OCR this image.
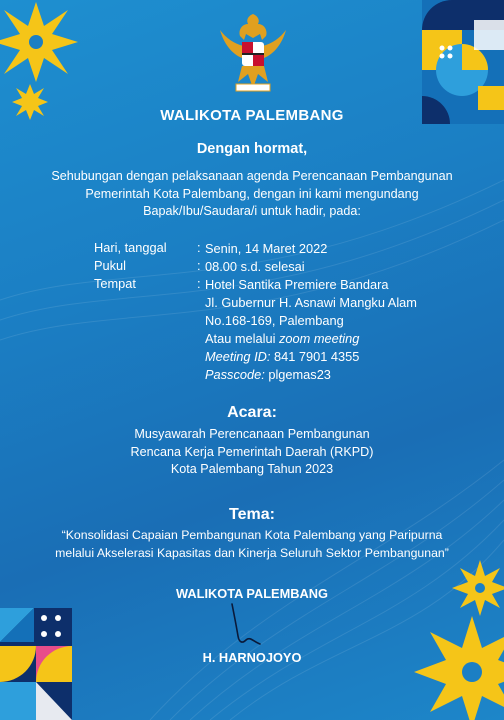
WALIKOTA PALEMBANG
Dengan hormat,
Sehubungan dengan pelaksanaan agenda Perencanaan Pembangunan
Pemerintah Kota Palembang, dengan ini kami mengundang
Bapak/Ibu/Saudara/i untuk hadir, pada:
Hari, tanggal : Senin, 14 Maret 2022
Pukul	: 08.00 s.d. selesai
Tempat	: Hotel Santika Premiere Bandara
Jl. Gubernur H. Asnawi Mangku Alam
No.168-169, Palembang
Atau melalui zoom meeting
Meeting ID: 841 7901 4355
Passcode: plgemas23
Acara:
Musyawarah Perencanaan Pembangunan
Rencana Kerja Pemerintah Daerah (RKPD)
Kota Palembang Tahun 2023
Tema:
“Konsolidasi Capaian Pembangunan Kota Palembang yang Paripurna
melalui Akselerasi Kapasitas dan Kinerja Seluruh Sektor Pembangunan”
WALIKOTA PALEMBANG
H. HARNOJOYO
